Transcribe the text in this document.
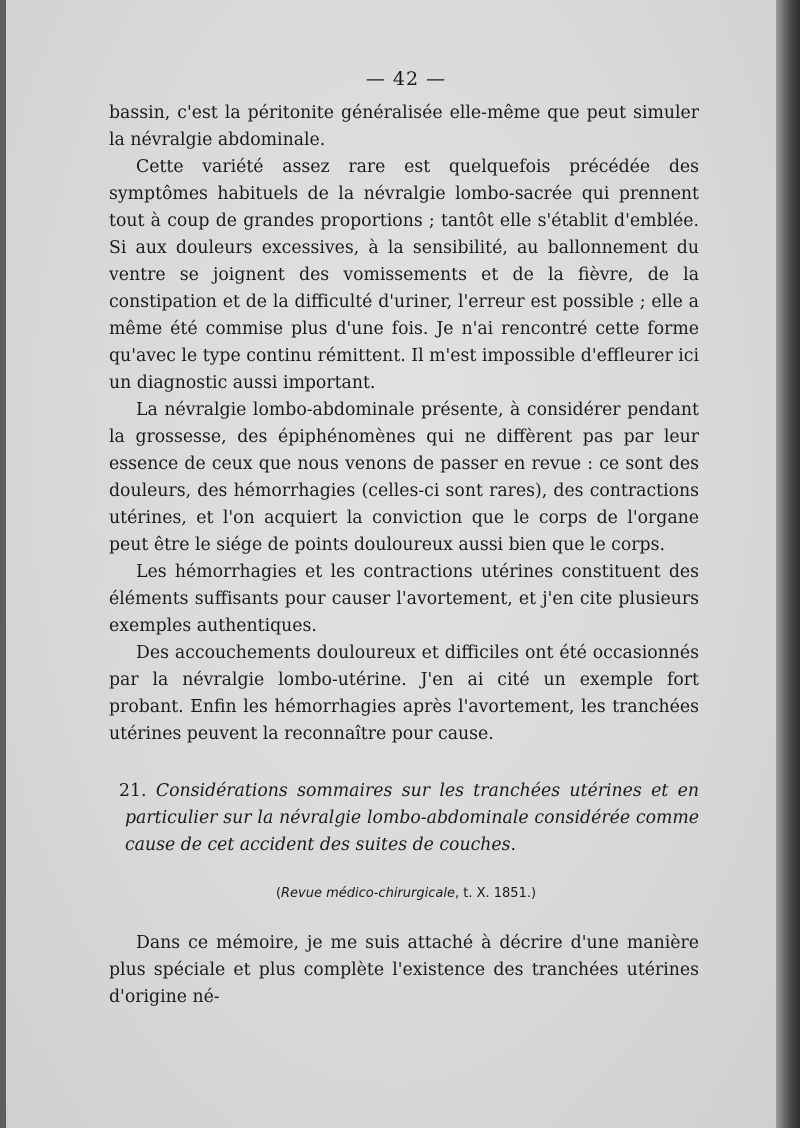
— 42 —

bassin, c'est la péritonite généralisée elle-même que peut simuler la névralgie abdominale.

Cette variété assez rare est quelquefois précédée des symptômes habituels de la névralgie lombo-sacrée qui prennent tout à coup de grandes proportions ; tantôt elle s'établit d'emblée. Si aux douleurs excessives, à la sensibilité, au ballonnement du ventre se joignent des vomissements et de la fièvre, de la constipation et de la difficulté d'uriner, l'erreur est possible ; elle a même été commise plus d'une fois. Je n'ai rencontré cette forme qu'avec le type continu rémittent. Il m'est impossible d'effleurer ici un diagnostic aussi important.

La névralgie lombo-abdominale présente, à considérer pendant la grossesse, des épiphénomènes qui ne diffèrent pas par leur essence de ceux que nous venons de passer en revue : ce sont des douleurs, des hémorrhagies (celles-ci sont rares), des contractions utérines, et l'on acquiert la conviction que le corps de l'organe peut être le siége de points douloureux aussi bien que le corps.

Les hémorrhagies et les contractions utérines constituent des éléments suffisants pour causer l'avortement, et j'en cite plusieurs exemples authentiques.

Des accouchements douloureux et difficiles ont été occasionnés par la névralgie lombo-utérine. J'en ai cité un exemple fort probant. Enfin les hémorrhagies après l'avortement, les tranchées utérines peuvent la reconnaître pour cause.

21. Considérations sommaires sur les tranchées utérines et en particulier sur la névralgie lombo-abdominale considérée comme cause de cet accident des suites de couches.
(Revue médico-chirurgicale, t. X. 1851.)
Dans ce mémoire, je me suis attaché à décrire d'une manière plus spéciale et plus complète l'existence des tranchées utérines d'origine né-
